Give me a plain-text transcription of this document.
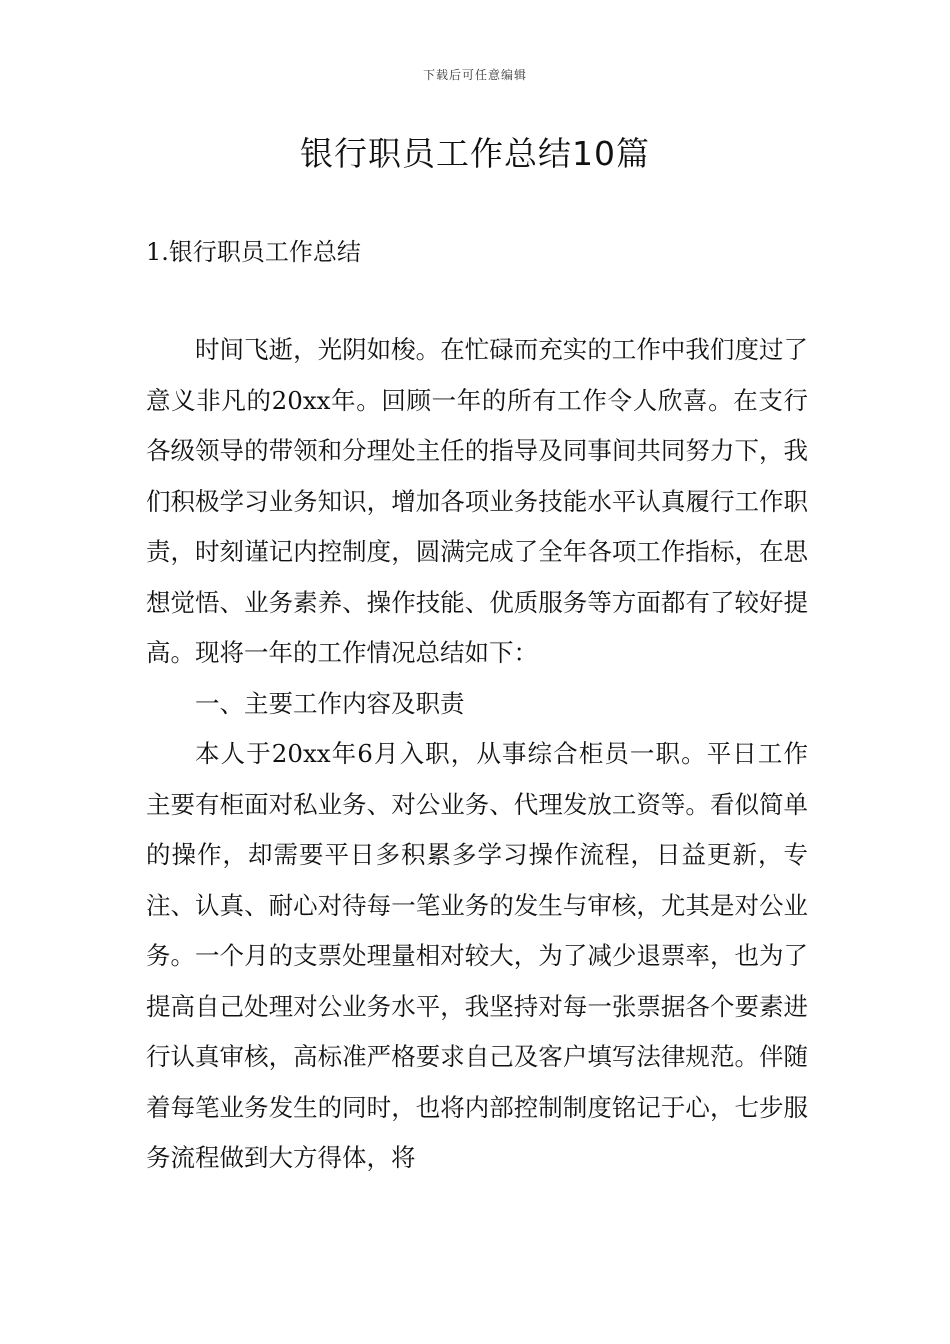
下载后可任意编辑
银行职员工作总结10篇
1.银行职员工作总结

时间飞逝，光阴如梭。在忙碌而充实的工作中我们度过了意义非凡的20xx年。回顾一年的所有工作令人欣喜。在支行各级领导的带领和分理处主任的指导及同事间共同努力下，我们积极学习业务知识，增加各项业务技能水平认真履行工作职责，时刻谨记内控制度，圆满完成了全年各项工作指标，在思想觉悟、业务素养、操作技能、优质服务等方面都有了较好提高。现将一年的工作情况总结如下：

一、主要工作内容及职责

本人于20xx年6月入职，从事综合柜员一职。平日工作主要有柜面对私业务、对公业务、代理发放工资等。看似简单的操作，却需要平日多积累多学习操作流程，日益更新，专注、认真、耐心对待每一笔业务的发生与审核，尤其是对公业务。一个月的支票处理量相对较大，为了减少退票率，也为了提高自己处理对公业务水平，我坚持对每一张票据各个要素进行认真审核，高标准严格要求自己及客户填写法律规范。伴随着每笔业务发生的同时，也将内部控制制度铭记于心，七步服务流程做到大方得体，将
